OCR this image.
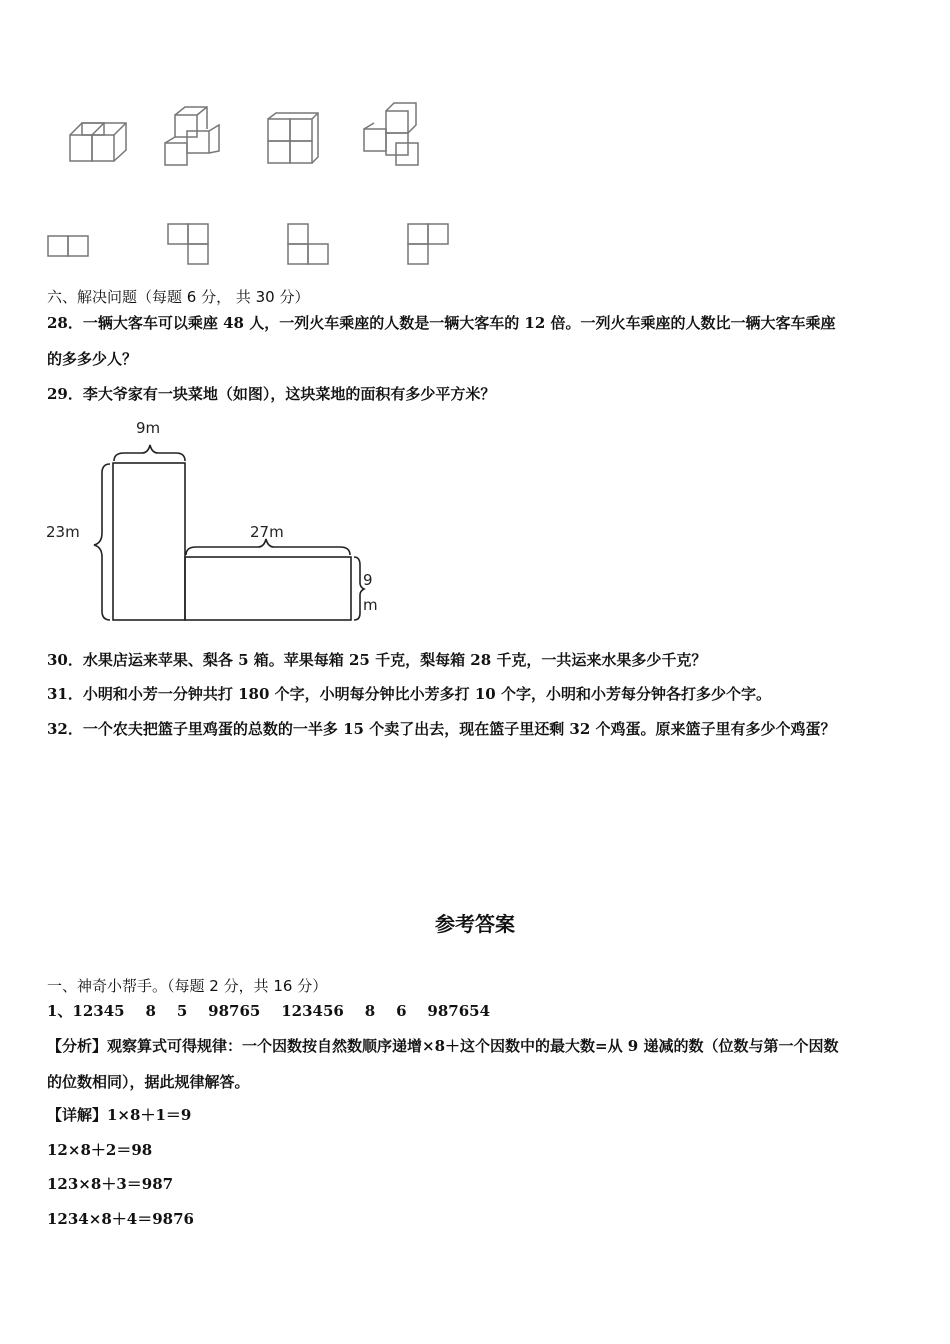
六、解决问题（每题 6 分， 共 30 分）
28．一辆大客车可以乘座 48 人，一列火车乘座的人数是一辆大客车的 12 倍。一列火车乘座的人数比一辆大客车乘座
的多多少人？
29．李大爷家有一块菜地（如图），这块菜地的面积有多少平方米？
9m
23m	27m
9
m
30．水果店运来苹果、梨各 5 箱。苹果每箱 25 千克，梨每箱 28 千克，一共运来水果多少千克？
31．小明和小芳一分钟共打 180 个字，小明每分钟比小芳多打 10 个字，小明和小芳每分钟各打多少个字。
32．一个农夫把篮子里鸡蛋的总数的一半多 15 个卖了出去，现在篮子里还剩 32 个鸡蛋。原来篮子里有多少个鸡蛋？
参考答案
一、神奇小帮手。（每题 2 分，共 16 分）
1、12345    8    5    98765    123456    8    6    987654
【分析】观察算式可得规律：一个因数按自然数顺序递增×8＋这个因数中的最大数=从 9 递减的数（位数与第一个因数
的位数相同），据此规律解答。
【详解】1×8＋1＝9
12×8＋2＝98
123×8＋3＝987
1234×8＋4＝9876
